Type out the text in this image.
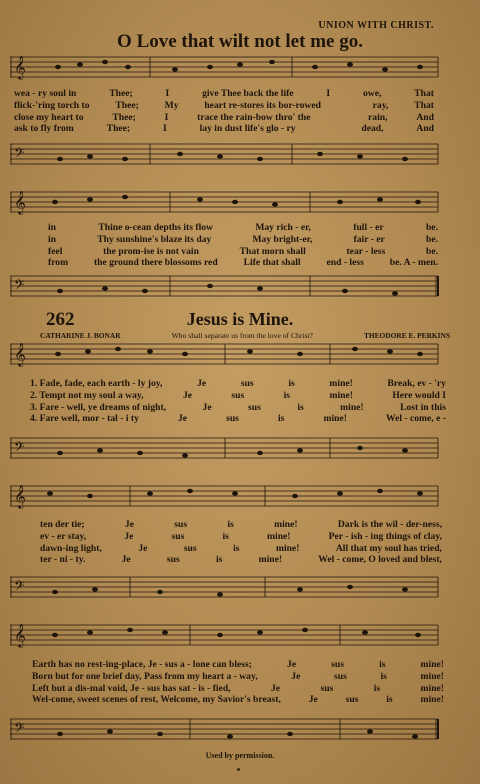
UNION WITH CHRIST.
O Love that wilt not let me go.
𝄞
wea - ry soul in	Thee;	I	give Thee back the life	I	owe,	That
flick-'ring torch to	Thee;	My	heart re-stores its bor-rowed	ray,	That
close my heart to	Thee;	I	trace the rain-bow thro' the	rain,	And
ask to fly from	Thee;	I	lay in dust life's glo - ry	dead,	And
𝄢
𝄞
in	Thine o-cean depths its flow	May rich - er,	full - er	be.
in	Thy sunshine's blaze its day	May bright-er,	fair - er	be.
feel	the prom-ise is not vain	That morn shall	tear - less	be.
from	the ground there blossoms red	Life that shall	end - less	be. A - men.
𝄢
262	Jesus is Mine.
CATHARINE J. BONAR	Who shall separate us from the love of Christ?	THEODORE E. PERKINS
𝄞
1. Fade, fade, each earth - ly joy,	Je	sus	is	mine!	Break, ev - 'ry
2. Tempt not my soul a way,	Je	sus	is	mine!	Here would I
3. Fare - well, ye dreams of night,	Je	sus	is	mine!	Lost in this
4. Fare well, mor - tal - i ty	Je	sus	is	mine!	Wel - come, e -
𝄢
𝄞
ten der tie;	Je	sus	is	mine!	Dark is the wil - der-ness,
ev - er stay,	Je	sus	is	mine!	Per - ish - ing things of clay,
dawn-ing light,	Je	sus	is	mine!	All that my soul has tried,
ter - ni - ty.	Je	sus	is	mine!	Wel - come, O loved and blest,
𝄢
𝄞
Earth has no rest-ing-place, Je - sus a - lone can bless;	Je	sus	is	mine!
Born but for one brief day, Pass from my heart a - way,	Je	sus	is	mine!
Left but a dis-mal void, Je - sus has sat - is - fied,	Je	sus	is	mine!
Wel-come, sweet scenes of rest, Welcome, my Savior's breast,	Je	sus	is	mine!
𝄢
Used by permission.
